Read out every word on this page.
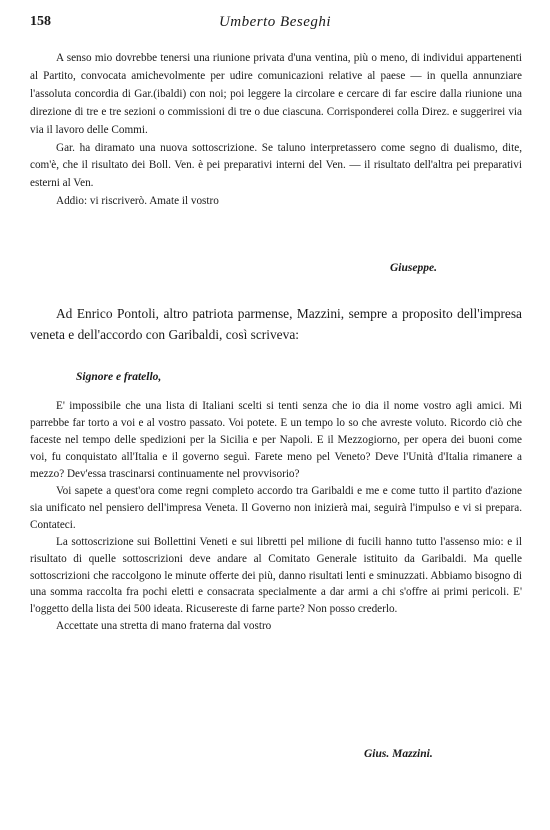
158	Umberto Beseghi

A senso mio dovrebbe tenersi una riunione privata d'una ventina, più o meno, di individui appartenenti al Partito, convocata amichevolmente per udire comunicazioni relative al paese — in quella annunziare l'assoluta concordia di Gar.(ibaldi) con noi; poi leggere la circolare e cercare di far escire dalla riunione una direzione di tre e tre sezioni o commissioni di tre o due ciascuna. Corrisponderei colla Direz. e suggerirei via via il lavoro delle Commi.

Gar. ha diramato una nuova sottoscrizione. Se taluno interpretassero come segno di dualismo, dite, com'è, che il risultato dei Boll. Ven. è pei preparativi interni del Ven. — il risultato dell'altra pei preparativi esterni al Ven.

Addio: vi riscriverò. Amate il vostro

Giuseppe.

Ad Enrico Pontoli, altro patriota parmense, Mazzini, sempre a proposito dell'impresa veneta e dell'accordo con Garibaldi, così scriveva:

Signore e fratello,

E' impossibile che una lista di Italiani scelti si tenti senza che io dia il nome vostro agli amici. Mi parrebbe far torto a voi e al vostro passato. Voi potete. E un tempo lo so che avreste voluto. Ricordo ciò che faceste nel tempo delle spedizioni per la Sicilia e per Napoli. E il Mezzogiorno, per opera dei buoni come voi, fu conquistato all'Italia e il governo seguì. Farete meno pel Veneto? Deve l'Unità d'Italia rimanere a mezzo? Dev'essa trascinarsi continuamente nel provvisorio?

Voi sapete a quest'ora come regni completo accordo tra Garibaldi e me e come tutto il partito d'azione sia unificato nel pensiero dell'impresa Veneta. Il Governo non inizierà mai, seguirà l'impulso e vi si prepara. Contateci.

La sottoscrizione sui Bollettini Veneti e sui libretti pel milione di fucili hanno tutto l'assenso mio: e il risultato di quelle sottoscrizioni deve andare al Comitato Generale istituito da Garibaldi. Ma quelle sottoscrizioni che raccolgono le minute offerte dei più, danno risultati lenti e sminuzzati. Abbiamo bisogno di una somma raccolta fra pochi eletti e consacrata specialmente a dar armi a chi s'offre ai primi pericoli. E' l'oggetto della lista dei 500 ideata. Ricusereste di farne parte? Non posso crederlo.

Accettate una stretta di mano fraterna dal vostro

Gius. Mazzini.
